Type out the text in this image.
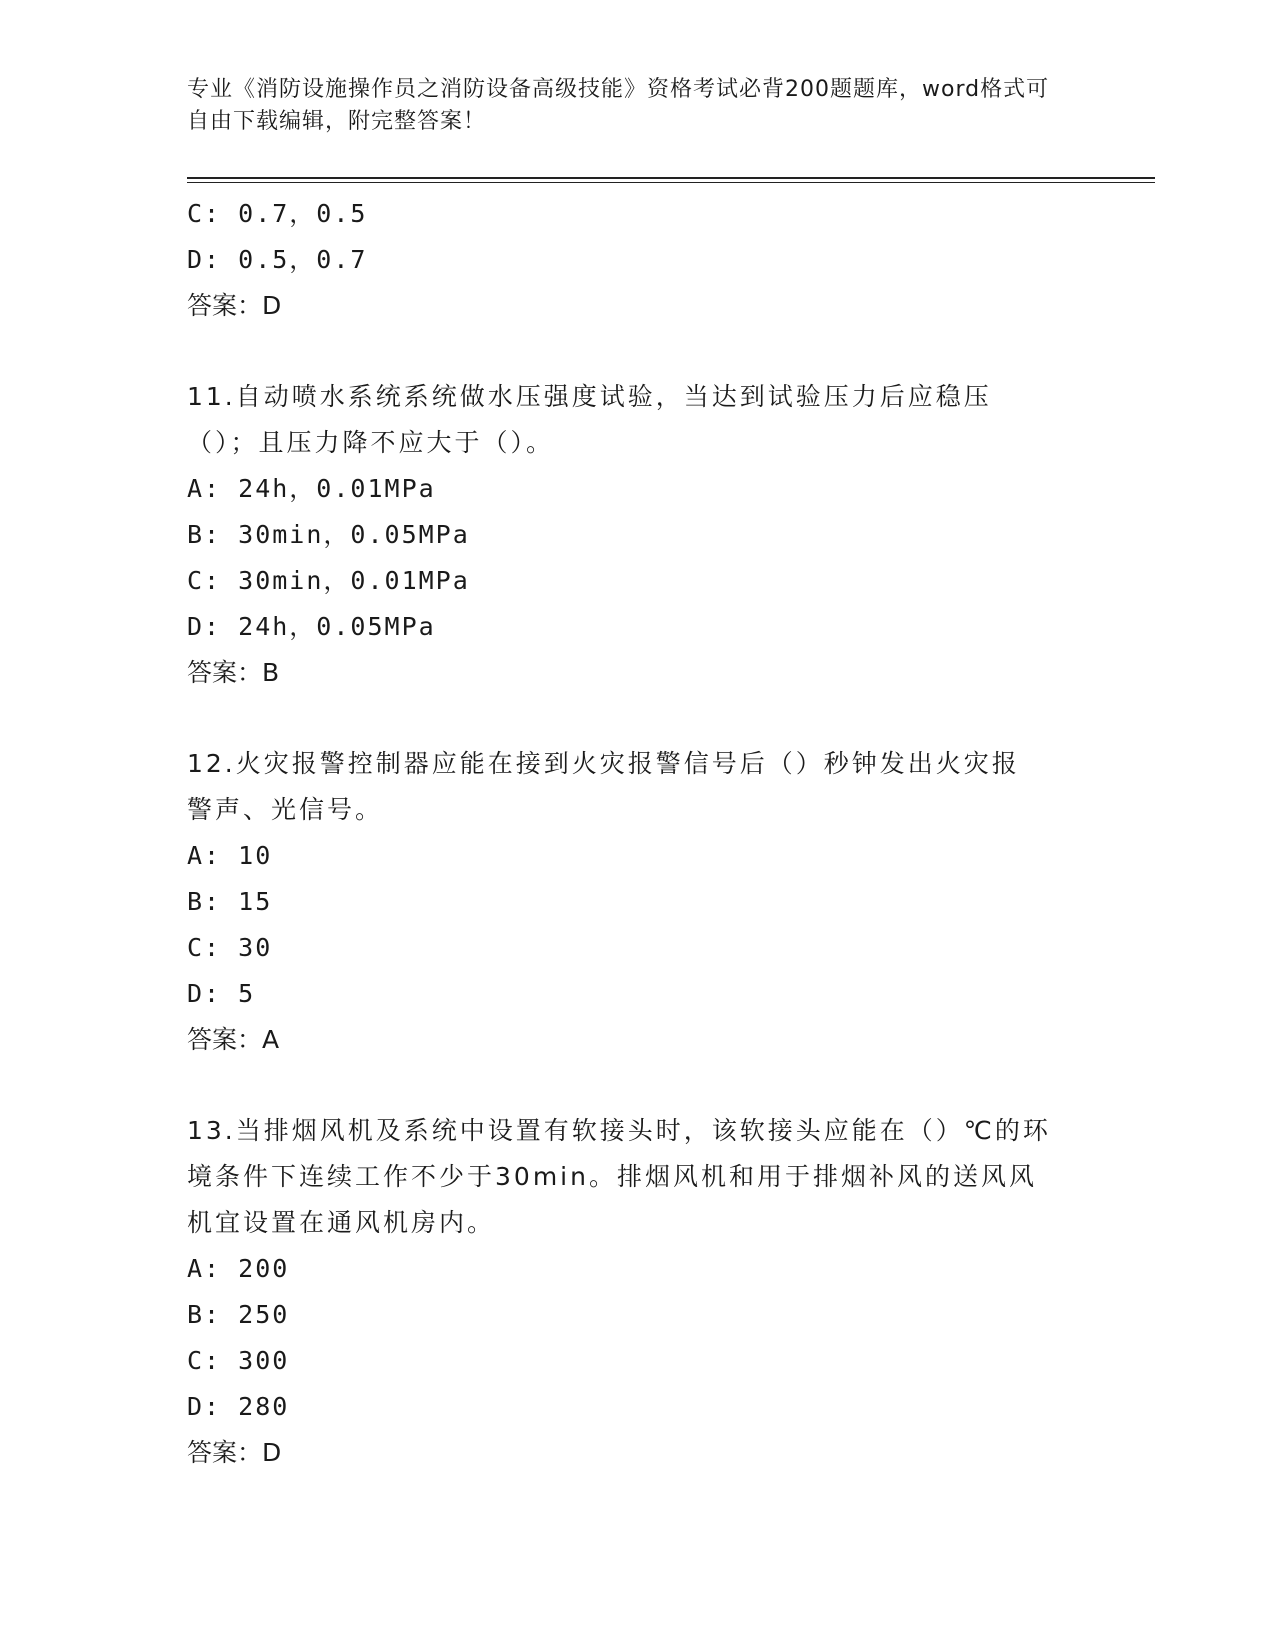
专业《消防设施操作员之消防设备高级技能》资格考试必背200题题库，word格式可自由下载编辑，附完整答案！
C: 0.7，0.5
D: 0.5，0.7
答案：D
11.自动喷水系统系统做水压强度试验，当达到试验压力后应稳压（）；且压力降不应大于（）。
A: 24h，0.01MPa
B: 30min，0.05MPa
C: 30min，0.01MPa
D: 24h，0.05MPa
答案：B
12.火灾报警控制器应能在接到火灾报警信号后（）秒钟发出火灾报警声、光信号。
A: 10
B: 15
C: 30
D: 5
答案：A
13.当排烟风机及系统中设置有软接头时，该软接头应能在（）℃的环境条件下连续工作不少于30min。排烟风机和用于排烟补风的送风风机宜设置在通风机房内。
A: 200
B: 250
C: 300
D: 280
答案：D
